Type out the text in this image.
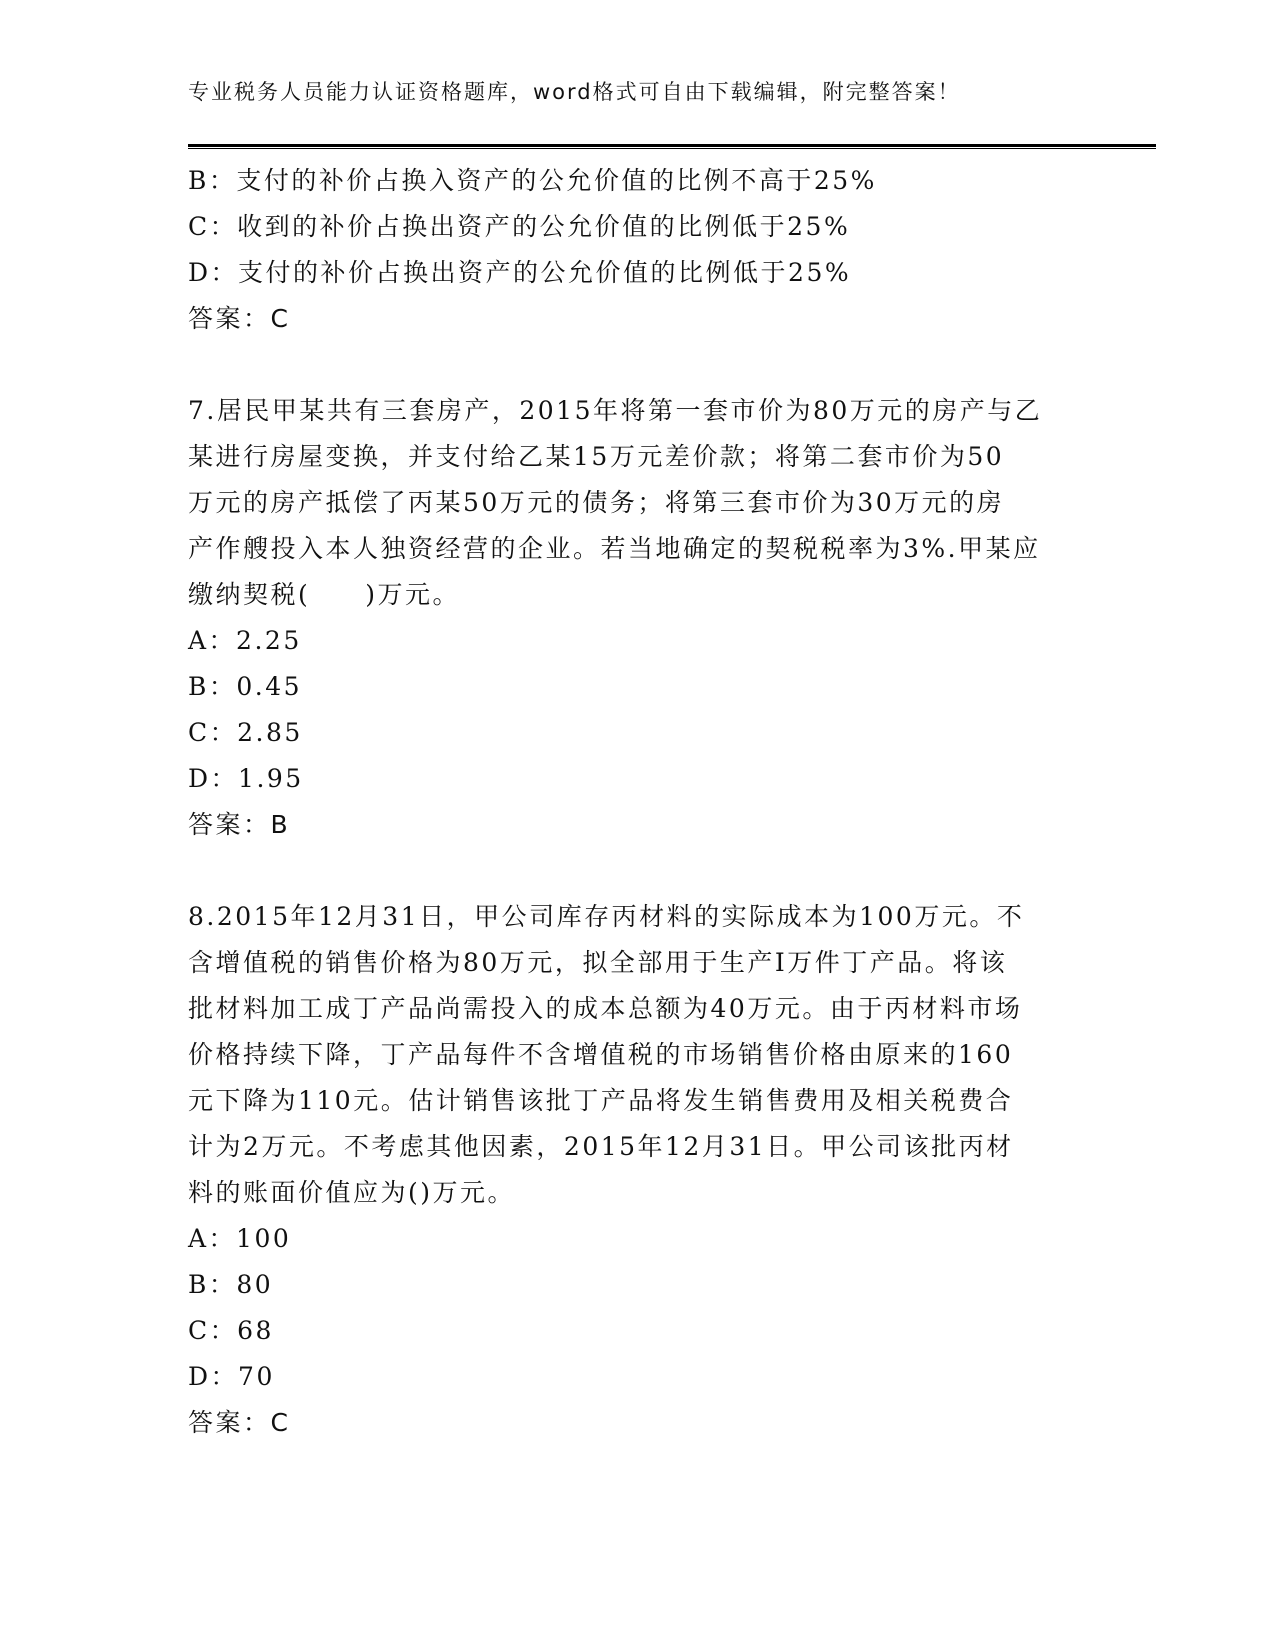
专业税务人员能力认证资格题库，word格式可自由下载编辑，附完整答案！
B：支付的补价占换入资产的公允价值的比例不高于25%
C：收到的补价占换出资产的公允价值的比例低于25%
D：支付的补价占换出资产的公允价值的比例低于25%
答案：C
7.居民甲某共有三套房产，2015年将第一套市价为80万元的房产与乙
某进行房屋变换，并支付给乙某15万元差价款；将第二套市价为50
万元的房产抵偿了丙某50万元的债务；将第三套市价为30万元的房
产作艘投入本人独资经营的企业。若当地确定的契税税率为3%.甲某应
缴纳契税(　　)万元。
A：2.25
B：0.45
C：2.85
D：1.95
答案：B
8.2015年12月31日，甲公司库存丙材料的实际成本为100万元。不
含增值税的销售价格为80万元，拟全部用于生产I万件丁产品。将该
批材料加工成丁产品尚需投入的成本总额为40万元。由于丙材料市场
价格持续下降，丁产品每件不含增值税的市场销售价格由原来的160
元下降为110元。估计销售该批丁产品将发生销售费用及相关税费合
计为2万元。不考虑其他因素，2015年12月31日。甲公司该批丙材
料的账面价值应为()万元。
A：100
B：80
C：68
D：70
答案：C
